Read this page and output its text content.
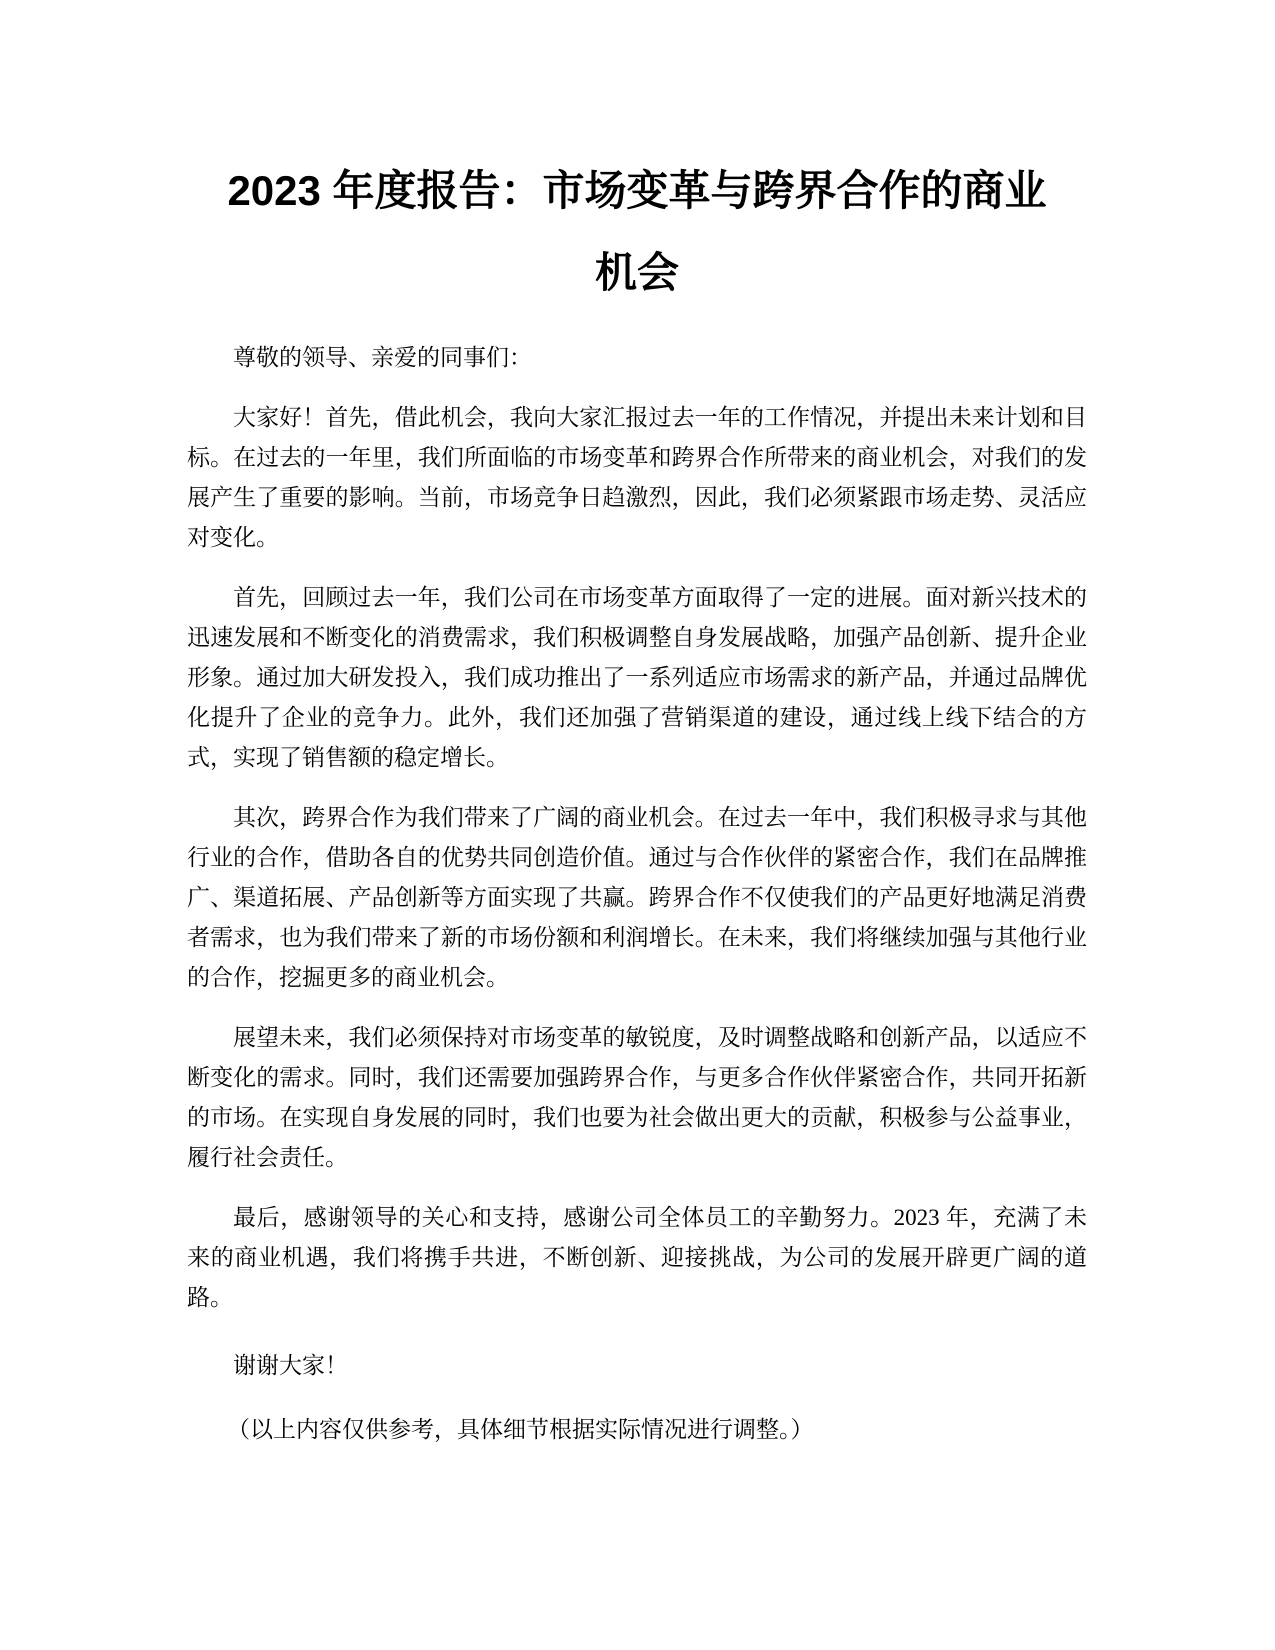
2023 年度报告：市场变革与跨界合作的商业
机会

尊敬的领导、亲爱的同事们：

大家好！首先，借此机会，我向大家汇报过去一年的工作情况，并提出未来计划和目标。在过去的一年里，我们所面临的市场变革和跨界合作所带来的商业机会，对我们的发展产生了重要的影响。当前，市场竞争日趋激烈，因此，我们必须紧跟市场走势、灵活应对变化。

首先，回顾过去一年，我们公司在市场变革方面取得了一定的进展。面对新兴技术的迅速发展和不断变化的消费需求，我们积极调整自身发展战略，加强产品创新、提升企业形象。通过加大研发投入，我们成功推出了一系列适应市场需求的新产品，并通过品牌优化提升了企业的竞争力。此外，我们还加强了营销渠道的建设，通过线上线下结合的方式，实现了销售额的稳定增长。

其次，跨界合作为我们带来了广阔的商业机会。在过去一年中，我们积极寻求与其他行业的合作，借助各自的优势共同创造价值。通过与合作伙伴的紧密合作，我们在品牌推广、渠道拓展、产品创新等方面实现了共赢。跨界合作不仅使我们的产品更好地满足消费者需求，也为我们带来了新的市场份额和利润增长。在未来，我们将继续加强与其他行业的合作，挖掘更多的商业机会。

展望未来，我们必须保持对市场变革的敏锐度，及时调整战略和创新产品，以适应不断变化的需求。同时，我们还需要加强跨界合作，与更多合作伙伴紧密合作，共同开拓新的市场。在实现自身发展的同时，我们也要为社会做出更大的贡献，积极参与公益事业，履行社会责任。

最后，感谢领导的关心和支持，感谢公司全体员工的辛勤努力。2023 年，充满了未来的商业机遇，我们将携手共进，不断创新、迎接挑战，为公司的发展开辟更广阔的道路。

谢谢大家！

（以上内容仅供参考，具体细节根据实际情况进行调整。）
